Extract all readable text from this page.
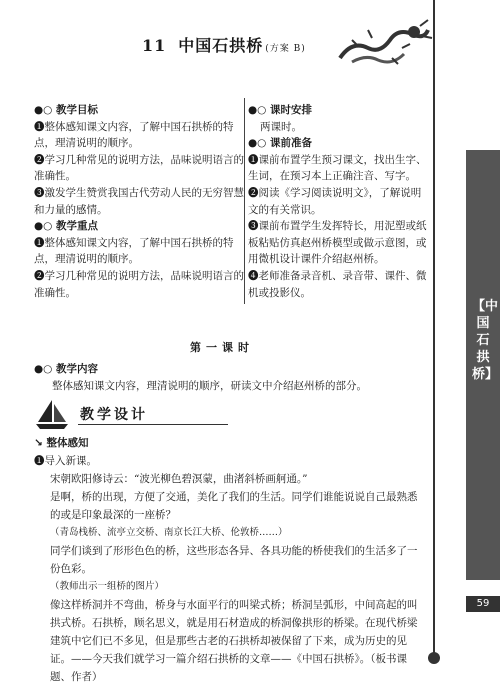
11 中国石拱桥 (方案 B)
【中国石拱桥】
59
●○ 教学目标

❶整体感知课文内容，了解中国石拱桥的特点，理清说明的顺序。

❷学习几种常见的说明方法，品味说明语言的准确性。

❸激发学生赞赏我国古代劳动人民的无穷智慧和力量的感情。

●○ 教学重点

❶整体感知课文内容，了解中国石拱桥的特点，理清说明的顺序。

❷学习几种常见的说明方法，品味说明语言的准确性。

●○ 课时安排

两课时。

●○ 课前准备

❶课前布置学生预习课文，找出生字、生词，在预习本上正确注音、写字。

❷阅读《学习阅读说明文》，了解说明文的有关常识。

❸课前布置学生发挥特长，用泥塑或纸板粘贴仿真赵州桥模型或做示意图，或用微机设计课件介绍赵州桥。

❹老师准备录音机、录音带、课件、微机或投影仪。

第一课时
●○ 教学内容
整体感知课文内容，理清说明的顺序，研读文中介绍赵州桥的部分。
教学设计

↘ 整体感知

❶导入新课。

宋朝欧阳修诗云：“波光柳色碧溟蒙，曲渚斜桥画舸通。”

是啊，桥的出现，方便了交通，美化了我们的生活。同学们谁能说说自己最熟悉的或是印象最深的一座桥？

（青岛栈桥、流亭立交桥、南京长江大桥、伦敦桥……）

同学们谈到了形形色色的桥，这些形态各异、各具功能的桥使我们的生活多了一份色彩。

（教师出示一组桥的图片）

像这样桥洞并不弯曲，桥身与水面平行的叫梁式桥；桥洞呈弧形，中间高起的叫拱式桥。石拱桥，顾名思义，就是用石材造成的桥洞像拱形的桥梁。在现代桥梁建筑中它们已不多见，但是那些古老的石拱桥却被保留了下来，成为历史的见证。——今天我们就学习一篇介绍石拱桥的文章——《中国石拱桥》。（板书课题、作者）
